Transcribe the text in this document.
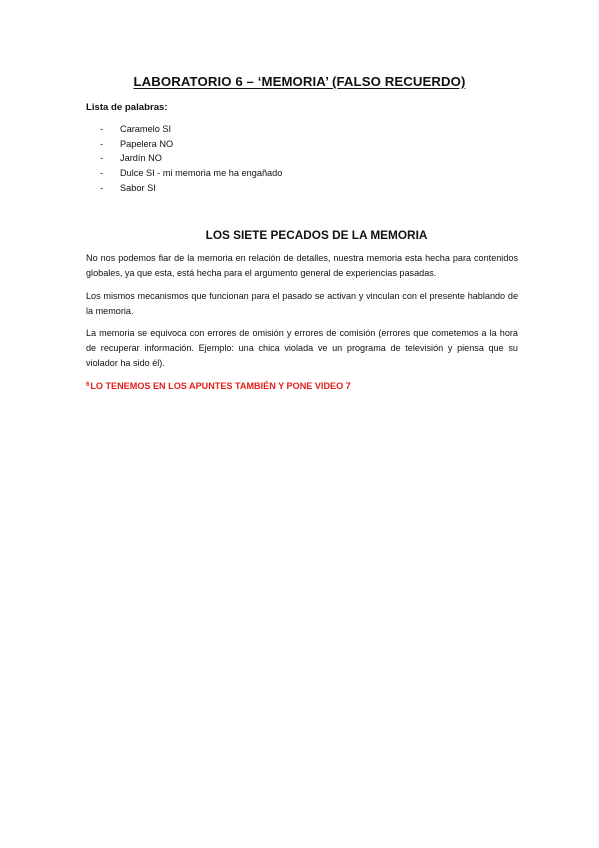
LABORATORIO 6 – ‘MEMORIA’ (FALSO RECUERDO)
Lista de palabras:
-	Caramelo SI
-	Papelera NO
-	Jardín NO
-	Dulce SI - mi memoria me ha engañado
-	Sabor SI
LOS SIETE PECADOS DE LA MEMORIA

No nos podemos fiar de la memoria en relación de detalles, nuestra memoria esta hecha para contenidos globales, ya que esta, está hecha para el argumento general de experiencias pasadas.

Los mismos mecanismos que funcionan para el pasado se activan y vinculan con el presente hablando de la memoria.

La memoria se equivoca con errores de omisión y errores de comisión (errores que cometemos a la hora de recuperar información. Ejemplo: una chica violada ve un programa de televisión y piensa que su violador ha sido él).

$^6$LO TENEMOS EN LOS APUNTES TAMBIÉN Y PONE VIDEO 7
